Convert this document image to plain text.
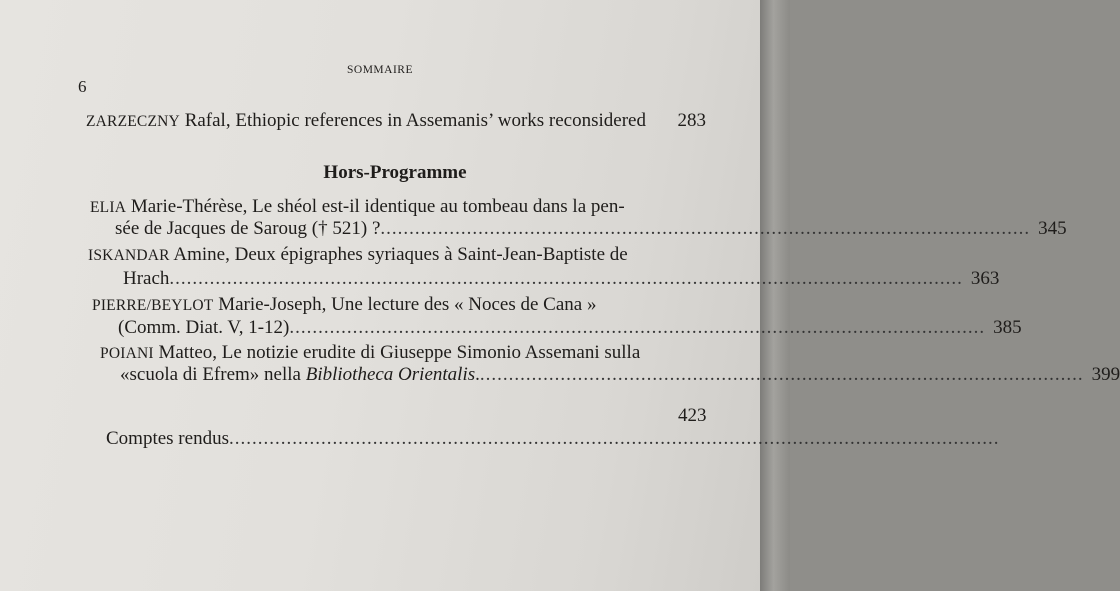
SOMMAIRE
6
ZARZECZNY Rafal, Ethiopic references in Assemanis’ works reconsidered 283
Hors-Programme
ELIA Marie-Thérèse, Le shéol est-il identique au tombeau dans la pen-
sée de Jacques de Saroug († 521) ? ................................................................................................................. 345
ISKANDAR Amine, Deux épigraphes syriaques à Saint-Jean-Baptiste de
Hrach .......................................................................................................................................... 363
PIERRE/BEYLOT Marie-Joseph, Une lecture des « Noces de Cana »
(Comm. Diat. V, 1-12) ......................................................................................................................... 385
POIANI Matteo, Le notizie erudite di Giuseppe Simonio Assemani sulla
«scuola di Efrem» nella Bibliotheca Orientalis. ......................................................................................................... 399
423
Comptes rendus ......................................................................................................................................
